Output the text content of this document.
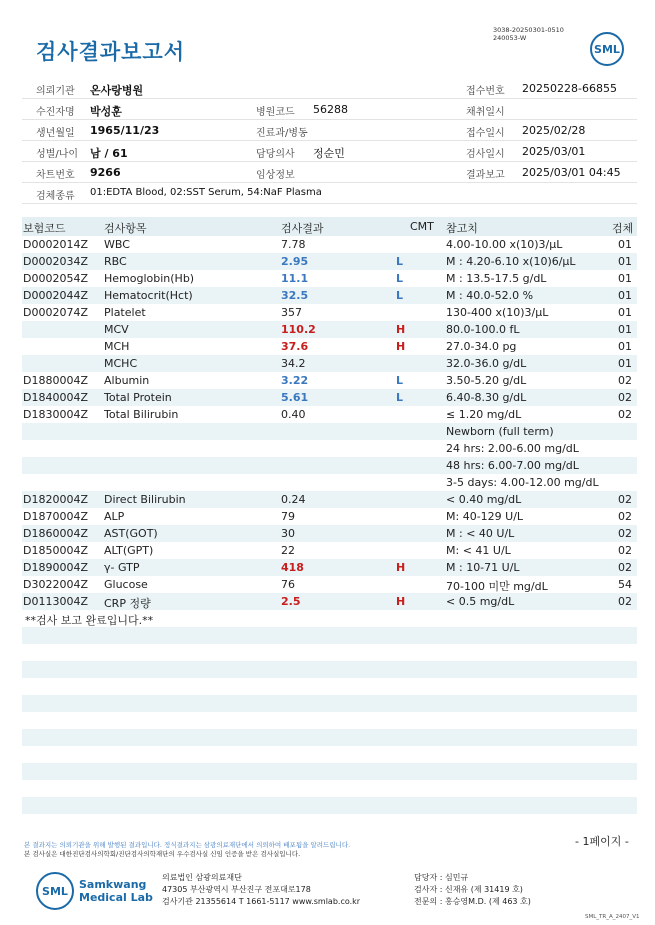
검사결과보고서
3038-20250301-0510
240053-W
SML
의뢰기관 온사랑병원	접수번호 20250228-66855
수진자명 박성훈	병원코드 56288	채취일시
생년월일 1965/11/23	진료과/병동	접수일시 2025/02/28
성별/나이 남 / 61	담당의사 정순민	검사일시 2025/03/01
차트번호 9266	임상정보	결과보고 2025/03/01 04:45
검체종류 01:EDTA Blood, 02:SST Serum, 54:NaF Plasma
보험코드	검사항목	검사결과	CMT 참고치	검체
D0002014Z WBC	7.78	4.00-10.00 x(10)3/μL	01
D0002034Z RBC	2.95	L	M : 4.20-6.10 x(10)6/μL	01
D0002054Z Hemoglobin(Hb)	11.1	L	M : 13.5-17.5 g/dL	01
D0002044Z Hematocrit(Hct)	32.5	L	M : 40.0-52.0 %	01
D0002074Z Platelet	357	130-400 x(10)3/μL	01
MCV	110.2	H	80.0-100.0 fL	01
MCH	37.6	H	27.0-34.0 pg	01
MCHC	34.2	32.0-36.0 g/dL	01
D1880004Z Albumin	3.22	L	3.50-5.20 g/dL	02
D1840004Z Total Protein	5.61	L	6.40-8.30 g/dL	02
D1830004Z Total Bilirubin	0.40	≤ 1.20 mg/dL	02
Newborn (full term)
24 hrs: 2.00-6.00 mg/dL
48 hrs: 6.00-7.00 mg/dL
3-5 days: 4.00-12.00 mg/dL
D1820004Z Direct Bilirubin	0.24	< 0.40 mg/dL	02
D1870004Z ALP	79	M: 40-129 U/L	02
D1860004Z AST(GOT)	30	M : < 40 U/L	02
D1850004Z ALT(GPT)	22	M: < 41 U/L	02
D1890004Z γ- GTP	418	H	M : 10-71 U/L	02
D3022004Z Glucose	76	70-100 미만 mg/dL	54
D0113004Z CRP 정량	2.5	H	< 0.5 mg/dL	02
**검사 보고 완료입니다.**
- 1페이지 -
본 결과지는 의뢰기관을 위해 발행된 결과입니다. 정식결과지는 삼광의료재단에서 의뢰하여 배포됨을 알려드립니다.
본 검사실은 대한진단검사의학회/진단검사의학재단의 우수검사실 신임 인증을 받은 검사실입니다.
SML	Samkwang
Medical Lab
의료법인 삼광의료재단
47305 부산광역시 부산진구 전포대로178
검사기관 21355614 T 1661-5117 www.smlab.co.kr
담당자 : 심민규
검사자 : 신재유 (제 31419 호)
전문의 : 홍승영M.D. (제 463 호)
SML_TR_A_2407_V1
